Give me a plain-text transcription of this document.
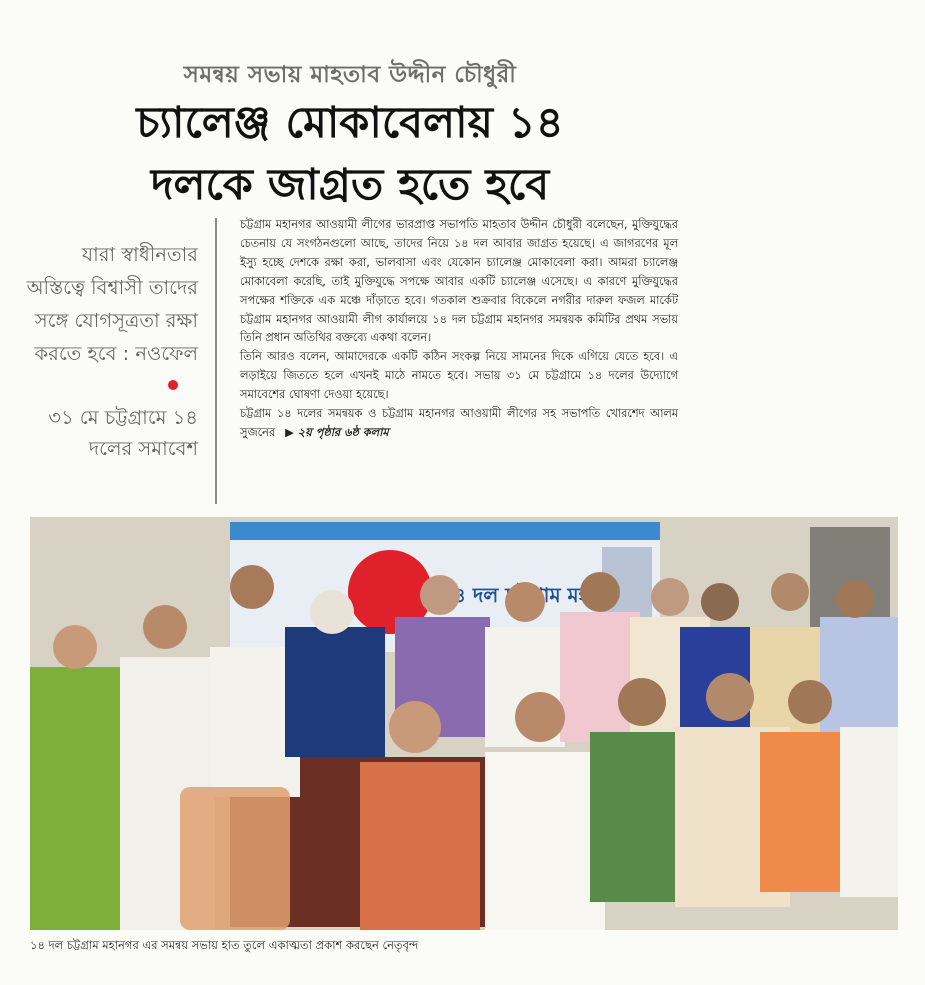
সমন্বয় সভায় মাহতাব উদ্দীন চৌধুরী
চ্যালেঞ্জ মোকাবেলায় ১৪
দলকে জাগ্রত হতে হবে
যারা স্বাধীনতার অস্তিত্বে বিশ্বাসী তাদের সঙ্গে যোগসূত্রতা রক্ষা করতে হবে : নওফেল
৩১ মে চট্টগ্রামে ১৪ দলের সমাবেশ

চট্টগ্রাম মহানগর আওয়ামী লীগের ভারপ্রাপ্ত সভাপতি মাহতাব উদ্দীন চৌধুরী বলেছেন, মুক্তিযুদ্ধের চেতনায় যে সংগঠনগুলো আছে, তাদের নিয়ে ১৪ দল আবার জাগ্রত হয়েছে। এ জাগরণের মূল ইস্যু হচ্ছে দেশকে রক্ষা করা, ভালবাসা এবং যেকোন চ্যালেঞ্জ মোকাবেলা করা। আমরা চ্যালেঞ্জ মোকাবেলা করেছি, তাই মুক্তিযুদ্ধে সপক্ষে আবার একটি চ্যালেঞ্জ এসেছে। এ কারণে মুক্তিযুদ্ধের সপক্ষের শক্তিকে এক মঞ্চে দাঁড়াতে হবে। গতকাল শুক্রবার বিকেলে নগরীর দারুল ফজল মার্কেট চট্টগ্রাম মহানগর আওয়ামী লীগ কার্যালয়ে ১৪ দল চট্টগ্রাম মহানগর সমন্বয়ক কমিটির প্রথম সভায় তিনি প্রধান অতিথির বক্তব্যে একথা বলেন।

তিনি আরও বলেন, আমাদেরকে একটি কঠিন সংকল্প নিয়ে সামনের দিকে এগিয়ে যেতে হবে। এ লড়াইয়ে জিততে হলে এখনই মাঠে নামতে হবে। সভায় ৩১ মে চট্টগ্রামে ১৪ দলের উদ্যোগে সমাবেশের ঘোষণা দেওয়া হয়েছে।

চট্টগ্রাম ১৪ দলের সমন্বয়ক ও চট্টগ্রাম মহানগর আওয়ামী লীগের সহ সভাপতি খোরশেদ আলম সুজনের ▶ ২য় পৃষ্ঠার ৬ষ্ঠ কলাম

দল
১৪ দল চট্টগ্রাম মহানগর এর সমন্বয় সভায় হাত তুলে একাত্মতা প্রকাশ করছেন নেতৃবৃন্দ
